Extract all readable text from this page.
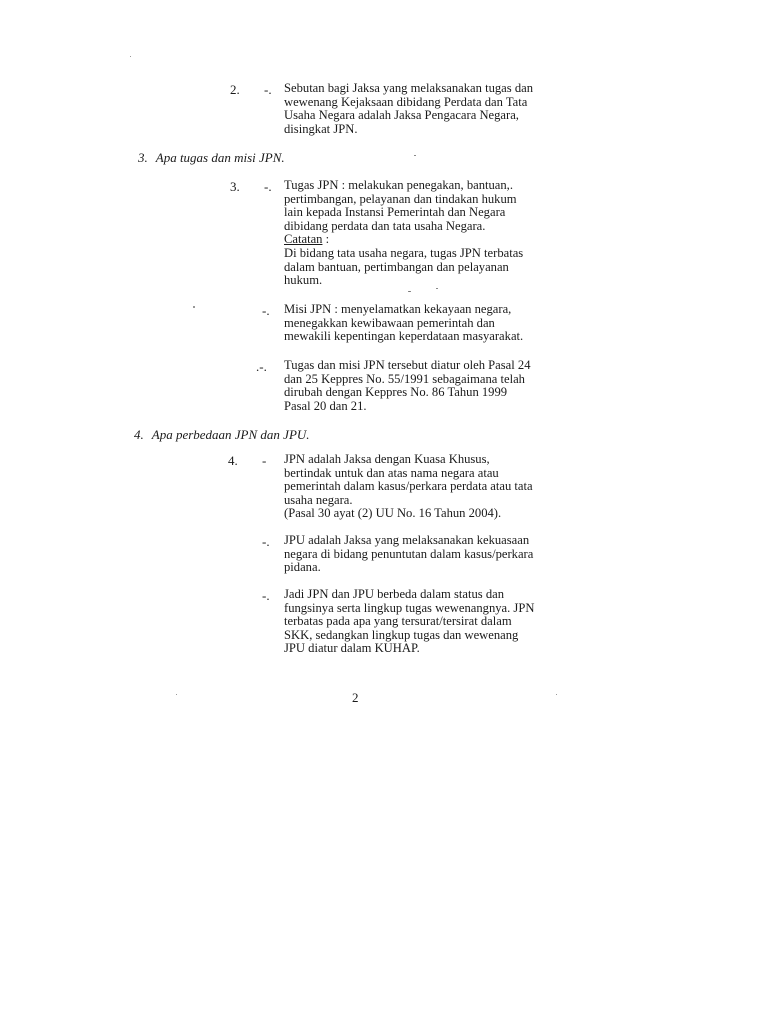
2. -. Sebutan bagi Jaksa yang melaksanakan tugas dan
wewenang Kejaksaan dibidang Perdata dan Tata
Usaha Negara adalah Jaksa Pengacara Negara,
disingkat JPN.
3. Apa tugas dan misi JPN.
3. -. Tugas JPN : melakukan penegakan, bantuan,.
pertimbangan, pelayanan dan tindakan hukum
lain kepada Instansi Pemerintah dan Negara
dibidang perdata dan tata usaha Negara.
Catatan :
Di bidang tata usaha negara, tugas JPN terbatas
dalam bantuan, pertimbangan dan pelayanan
hukum.
-. Misi JPN : menyelamatkan kekayaan negara,
menegakkan kewibawaan pemerintah dan
mewakili kepentingan keperdataan masyarakat.
.-. Tugas dan misi JPN tersebut diatur oleh Pasal 24
dan 25 Keppres No. 55/1991 sebagaimana telah
dirubah dengan Keppres No. 86 Tahun 1999
Pasal 20 dan 21.
4. Apa perbedaan JPN dan JPU.
4. - JPN adalah Jaksa dengan Kuasa Khusus,
bertindak untuk dan atas nama negara atau
pemerintah dalam kasus/perkara perdata atau tata
usaha negara.
(Pasal 30 ayat (2) UU No. 16 Tahun 2004).
-. JPU adalah Jaksa yang melaksanakan kekuasaan
negara di bidang penuntutan dalam kasus/perkara
pidana.
-. Jadi JPN dan JPU berbeda dalam status dan
fungsinya serta lingkup tugas wewenangnya. JPN
terbatas pada apa yang tersurat/tersirat dalam
SKK, sedangkan lingkup tugas dan wewenang
JPU diatur dalam KUHAP.
2
